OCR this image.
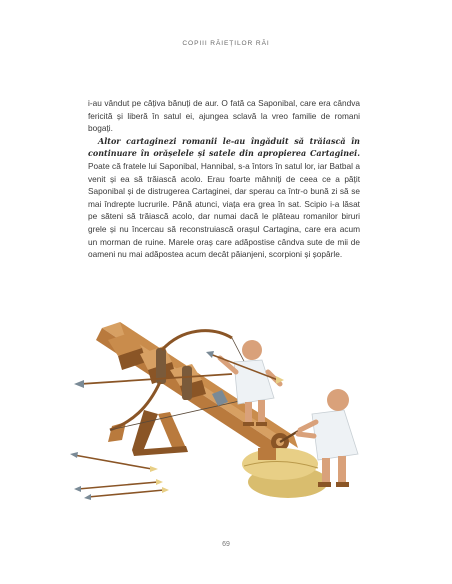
COPIII RĂIEȚILOR RĂI

i-au vândut pe câțiva bănuți de aur. O fată ca Saponibal, care era cândva fericită și liberă în satul ei, ajungea sclavă la vreo familie de romani bogați.

Altor cartaginezi romanii le-au îngăduit să trăiască în continuare în orășelele și satele din apropierea Cartaginei. Poate că fratele lui Saponibal, Hannibal, s-a întors în satul lor, iar Batbal a venit și ea să trăiască acolo. Erau foarte mâhniți de ceea ce a pățit Saponibal și de distrugerea Cartaginei, dar sperau ca într-o bună zi să se mai îndrepte lucrurile. Până atunci, viața era grea în sat. Scipio i-a lăsat pe săteni să trăiască acolo, dar numai dacă le plăteau romanilor biruri grele și nu încercau să reconstruiască orașul Cartagina, care era acum un morman de ruine. Marele oraș care adăpostise cândva sute de mii de oameni nu mai adăpostea acum decât păianjeni, scorpioni și șopârle.

69
